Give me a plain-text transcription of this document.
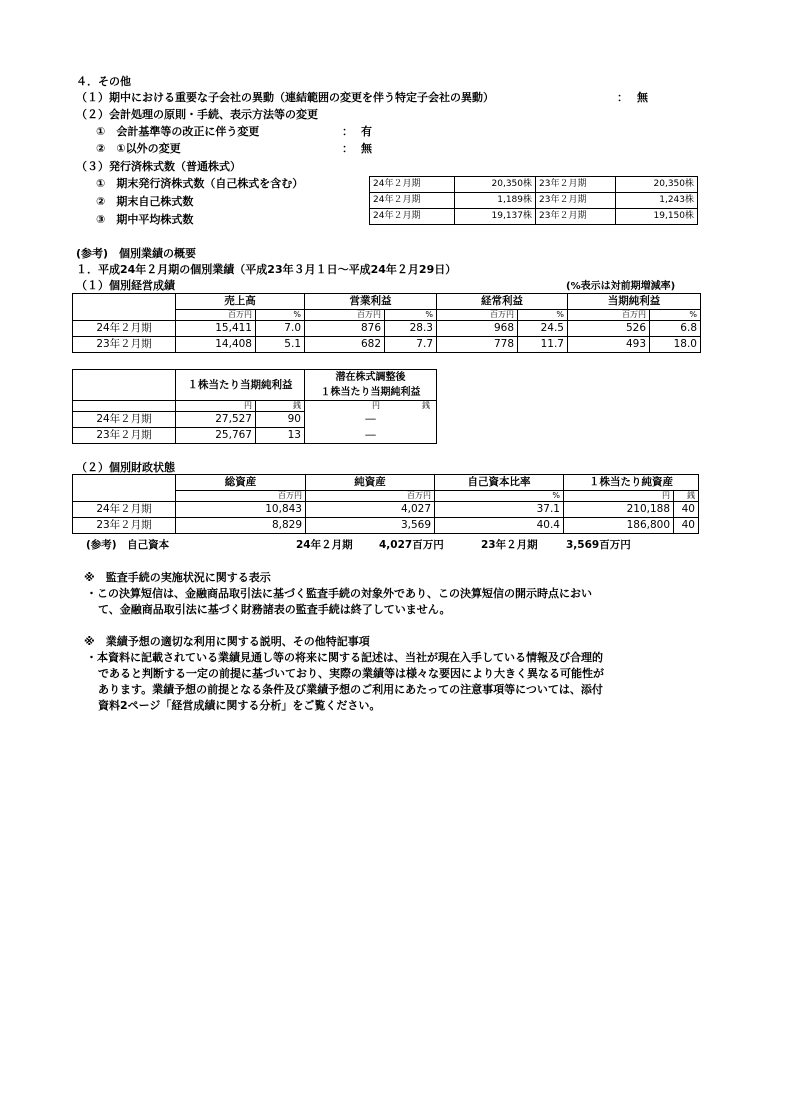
４．その他
（１）期中における重要な子会社の異動（連結範囲の変更を伴う特定子会社の異動）	： 無
（２）会計処理の原則・手続、表示方法等の変更
①　会計基準等の改正に伴う変更	： 有
②　①以外の変更	： 無
（３）発行済株式数（普通株式）
①　期末発行済株式数（自己株式を含む）
②　期末自己株式数
③　期中平均株式数
24年２月期	20,350株	23年２月期	20,350株
24年２月期	1,189株	23年２月期	1,243株
24年２月期	19,137株	23年２月期	19,150株
(参考)　個別業績の概要
１．平成24年２月期の個別業績（平成23年３月１日～平成24年２月29日）
（１）個別経営成績	(%表示は対前期増減率)
	売上高		営業利益		経常利益		当期純利益	
	百万円	%	百万円	%	百万円	%	百万円	%
24年２月期	15,411	7.0	876	28.3	968	24.5	526	6.8
23年２月期	14,408	5.1	682	7.7	778	11.7	493	18.0
	１株当たり当期純利益		潜在株式調整後
			１株当たり当期純利益
	円	銭	円 銭
24年２月期	27,527	90	―
23年２月期	25,767	13	―
（２）個別財政状態
	総資産	純資産	自己資本比率	１株当たり純資産	
	百万円	百万円	%	円	銭
24年２月期	10,843	4,027	37.1	210,188	40
23年２月期	8,829	3,569	40.4	186,800	40
(参考)　自己資本	24年２月期	4,027百万円	23年２月期	3,569百万円
※　監査手続の実施状況に関する表示
・この決算短信は、金融商品取引法に基づく監査手続の対象外であり、この決算短信の開示時点におい
て、金融商品取引法に基づく財務諸表の監査手続は終了していません。
※　業績予想の適切な利用に関する説明、その他特記事項
・本資料に記載されている業績見通し等の将来に関する記述は、当社が現在入手している情報及び合理的
であると判断する一定の前提に基づいており、実際の業績等は様々な要因により大きく異なる可能性が
あります。業績予想の前提となる条件及び業績予想のご利用にあたっての注意事項等については、添付
資料2ページ「経営成績に関する分析」をご覧ください。
